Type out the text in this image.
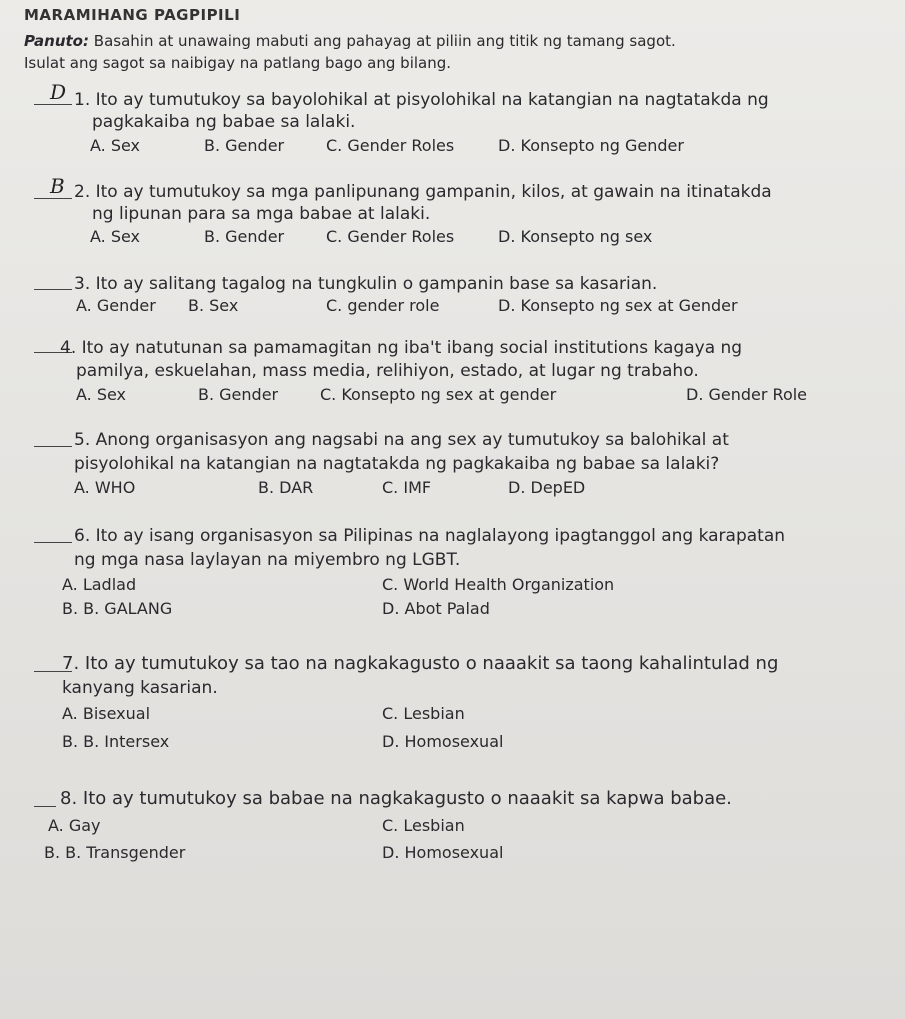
MARAMIHANG PAGPIPILI
Panuto: Basahin at unawaing mabuti ang pahayag at piliin ang titik ng tamang sagot.
Isulat ang sagot sa naibigay na patlang bago ang bilang.
D 1. Ito ay tumutukoy sa bayolohikal at pisyolohikal na katangian na nagtatakda ng
pagkakaiba ng babae sa lalaki.
A. Sex	B. Gender	C. Gender Roles	D. Konsepto ng Gender
B 2. Ito ay tumutukoy sa mga panlipunang gampanin, kilos, at gawain na itinatakda
ng lipunan para sa mga babae at lalaki.
A. Sex	B. Gender	C. Gender Roles	D. Konsepto ng sex
3. Ito ay salitang tagalog na tungkulin o gampanin base sa kasarian.
A. Gender B. Sex	C. gender role	D. Konsepto ng sex at Gender
4. Ito ay natutunan sa pamamagitan ng iba't ibang social institutions kagaya ng
pamilya, eskuelahan, mass media, relihiyon, estado, at lugar ng trabaho.
A. Sex	B. Gender	C. Konsepto ng sex at gender	D. Gender Role
5. Anong organisasyon ang nagsabi na ang sex ay tumutukoy sa balohikal at
pisyolohikal na katangian na nagtatakda ng pagkakaiba ng babae sa lalaki?
A. WHO	B. DAR	C. IMF	D. DepED
6. Ito ay isang organisasyon sa Pilipinas na naglalayong ipagtanggol ang karapatan
ng mga nasa laylayan na miyembro ng LGBT.
A. Ladlad	C. World Health Organization
B. B. GALANG	D. Abot Palad
7. Ito ay tumutukoy sa tao na nagkakagusto o naaakit sa taong kahalintulad ng
kanyang kasarian.
A. Bisexual	C. Lesbian
B. B. Intersex	D. Homosexual
8. Ito ay tumutukoy sa babae na nagkakagusto o naaakit sa kapwa babae.
A. Gay	C. Lesbian
B. B. Transgender	D. Homosexual
